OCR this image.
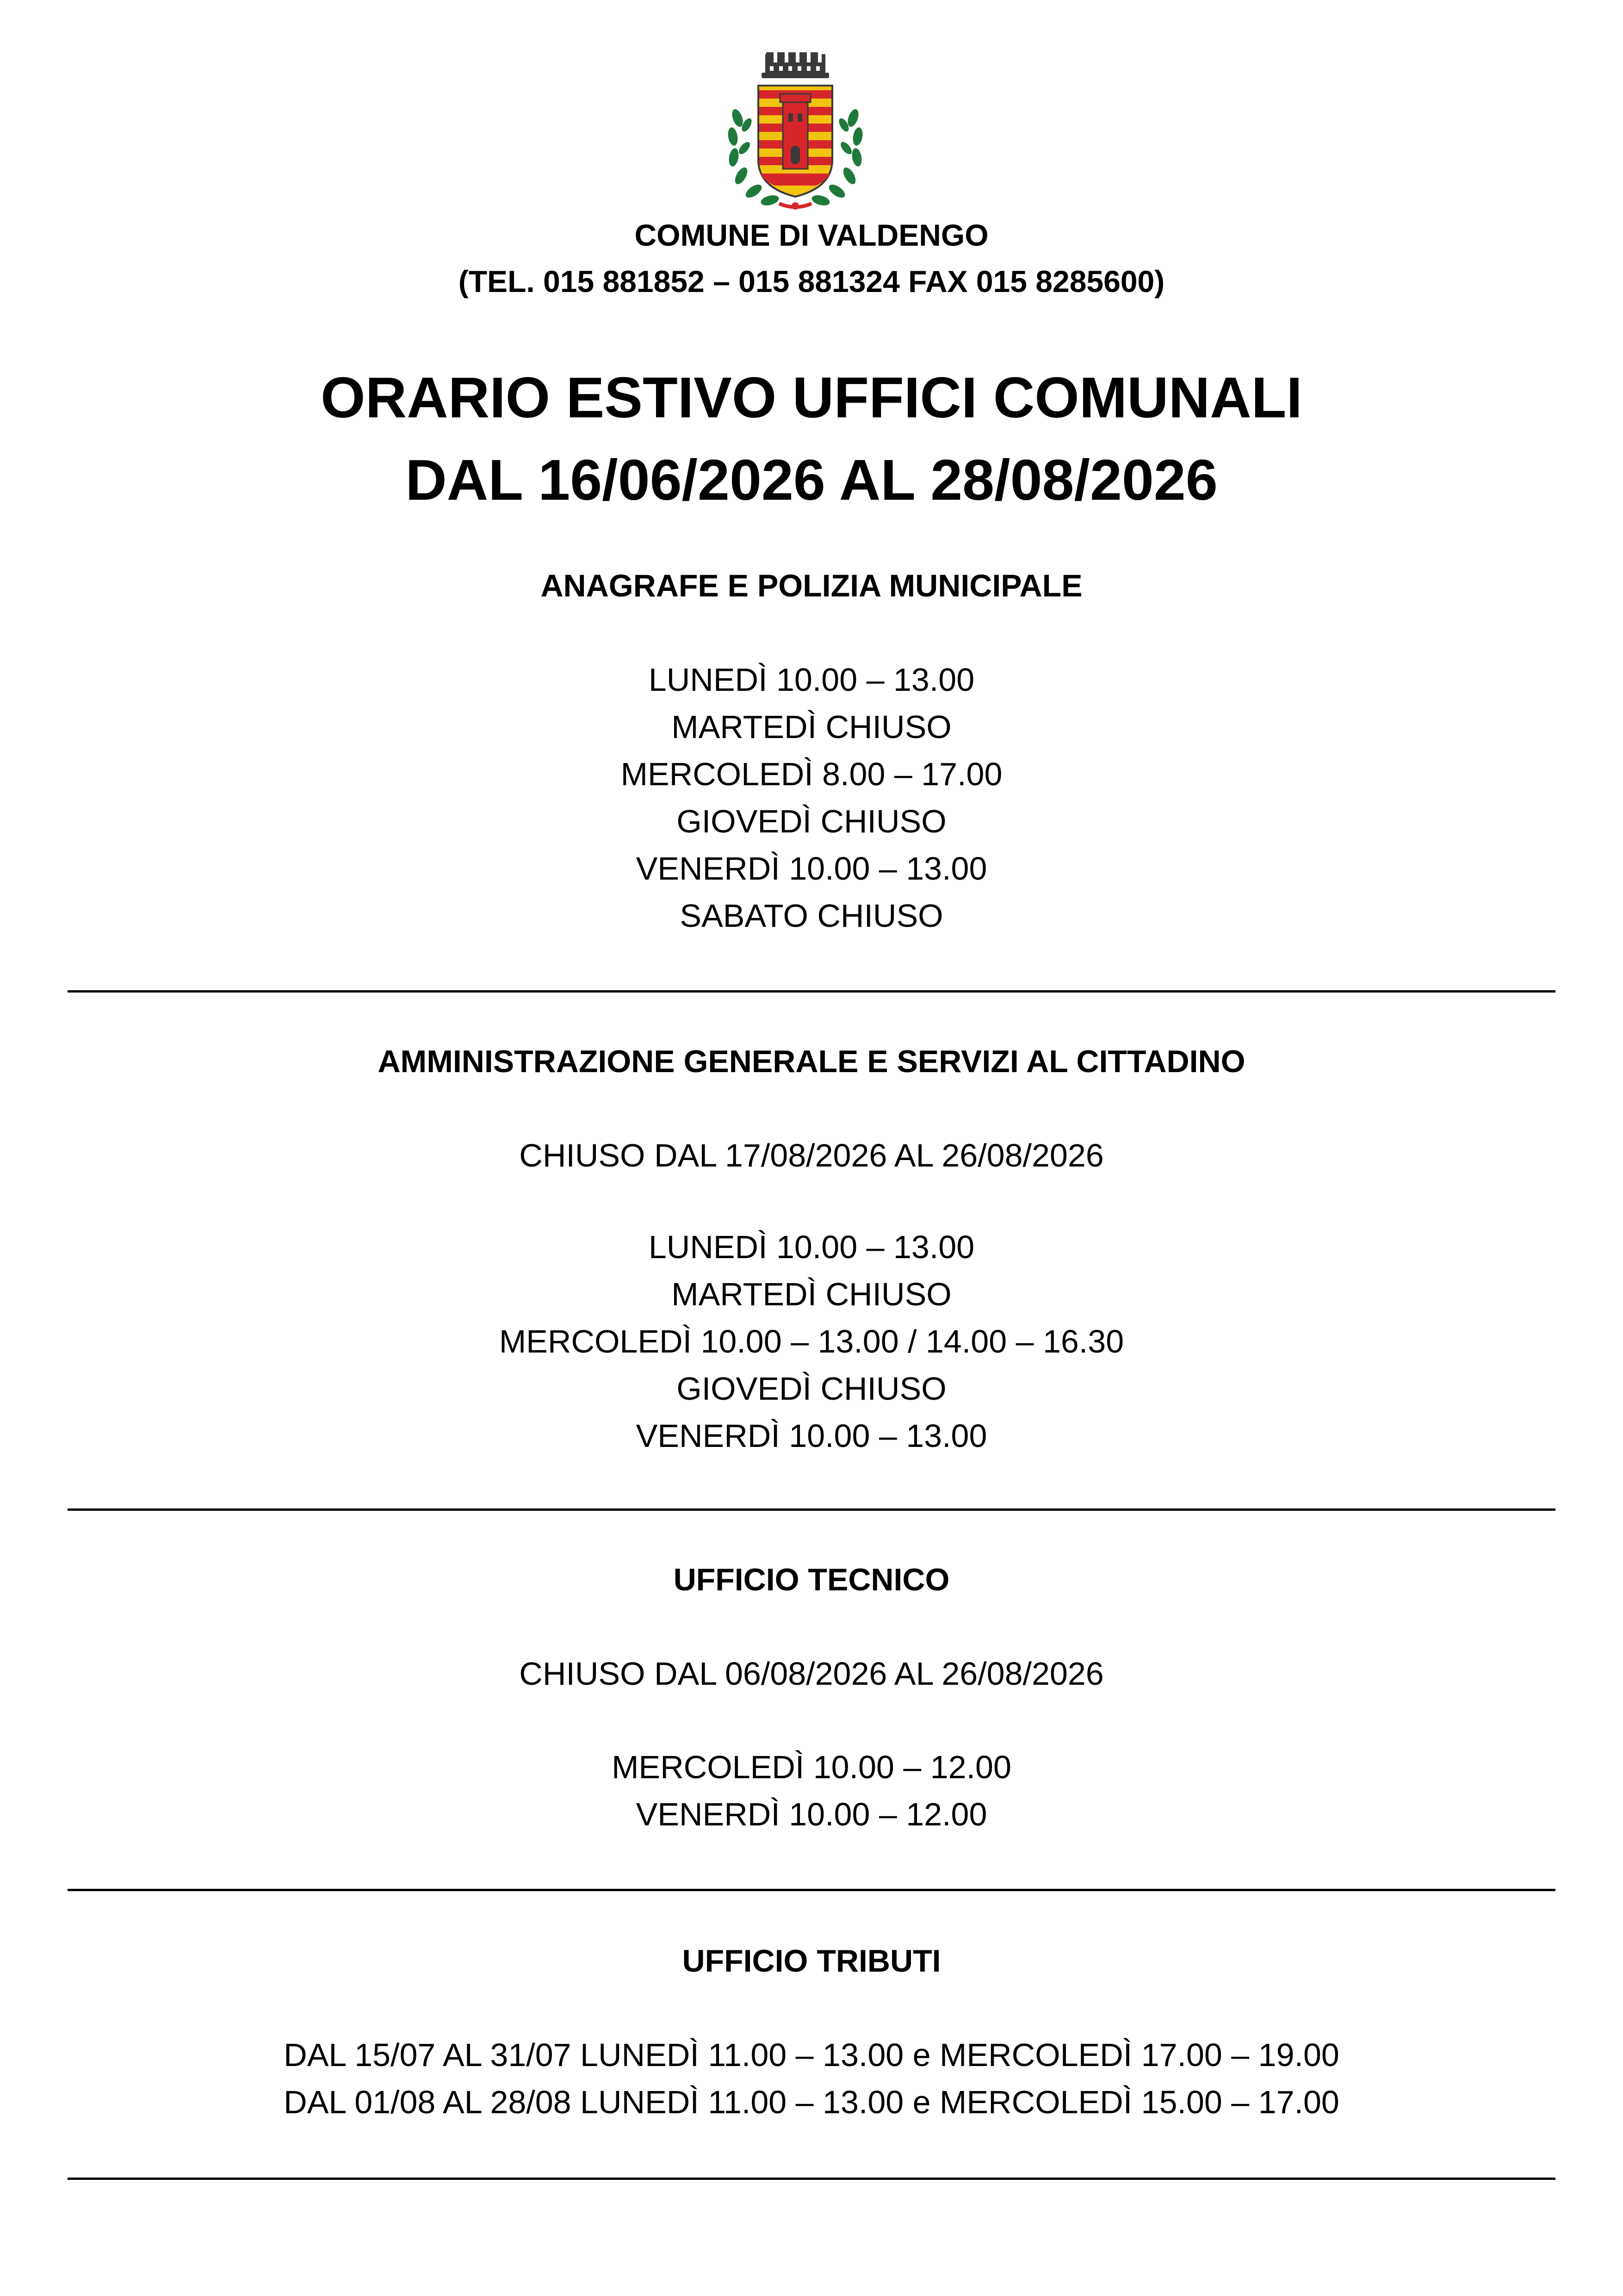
COMUNE DI VALDENGO
(TEL. 015 881852 – 015 881324 FAX 015 8285600)
ORARIO ESTIVO UFFICI COMUNALI
DAL 16/06/2026 AL 28/08/2026
ANAGRAFE E POLIZIA MUNICIPALE
LUNEDÌ 10.00 – 13.00
MARTEDÌ CHIUSO
MERCOLEDÌ 8.00 – 17.00
GIOVEDÌ CHIUSO
VENERDÌ 10.00 – 13.00
SABATO CHIUSO
AMMINISTRAZIONE GENERALE E SERVIZI AL CITTADINO
CHIUSO DAL 17/08/2026 AL 26/08/2026
LUNEDÌ 10.00 – 13.00
MARTEDÌ CHIUSO
MERCOLEDÌ 10.00 – 13.00 / 14.00 – 16.30
GIOVEDÌ CHIUSO
VENERDÌ 10.00 – 13.00
UFFICIO TECNICO
CHIUSO DAL 06/08/2026 AL 26/08/2026
MERCOLEDÌ 10.00 – 12.00
VENERDÌ 10.00 – 12.00
UFFICIO TRIBUTI
DAL 15/07 AL 31/07 LUNEDÌ 11.00 – 13.00 e MERCOLEDÌ 17.00 – 19.00
DAL 01/08 AL 28/08 LUNEDÌ 11.00 – 13.00 e MERCOLEDÌ 15.00 – 17.00
